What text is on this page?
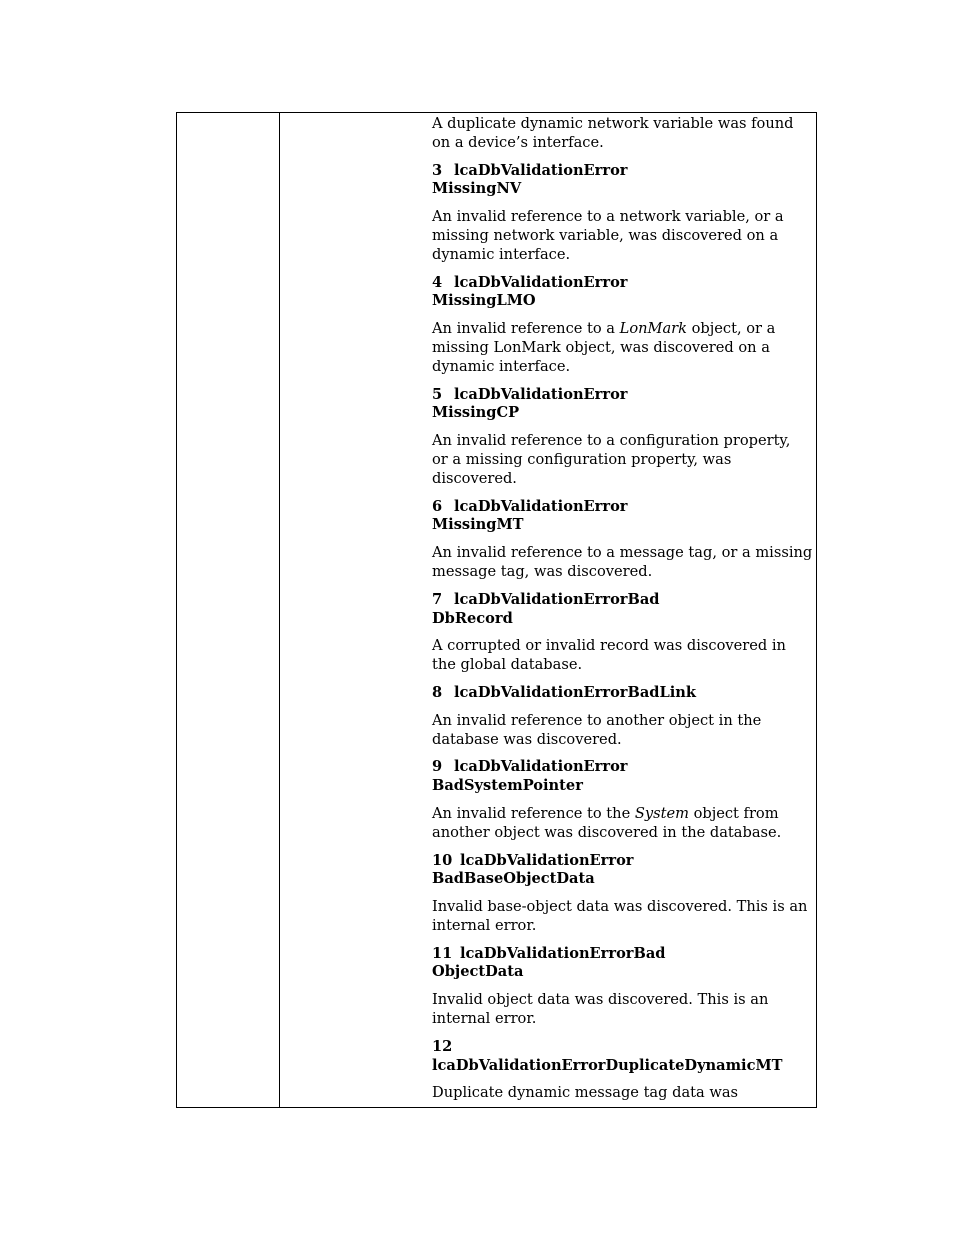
A duplicate dynamic network variable was found
on a device’s interface.

3 lcaDbValidationError
MissingNV

An invalid reference to a network variable, or a
missing network variable, was discovered on a
dynamic interface.

4 lcaDbValidationError
MissingLMO

An invalid reference to a LonMark object, or a
missing LonMark object, was discovered on a
dynamic interface.

5 lcaDbValidationError
MissingCP

An invalid reference to a configuration property,
or a missing configuration property, was
discovered.

6 lcaDbValidationError
MissingMT

An invalid reference to a message tag, or a missing
message tag, was discovered.

7 lcaDbValidationErrorBad
DbRecord

A corrupted or invalid record was discovered in
the global database.

8 lcaDbValidationErrorBadLink

An invalid reference to another object in the
database was discovered.

9 lcaDbValidationError
BadSystemPointer

An invalid reference to the System object from
another object was discovered in the database.

10 lcaDbValidationError
BadBaseObjectData

Invalid base-object data was discovered. This is an
internal error.

11 lcaDbValidationErrorBad
ObjectData

Invalid object data was discovered. This is an
internal error.

12
lcaDbValidationErrorDuplicateDynamicMT

Duplicate dynamic message tag data was
